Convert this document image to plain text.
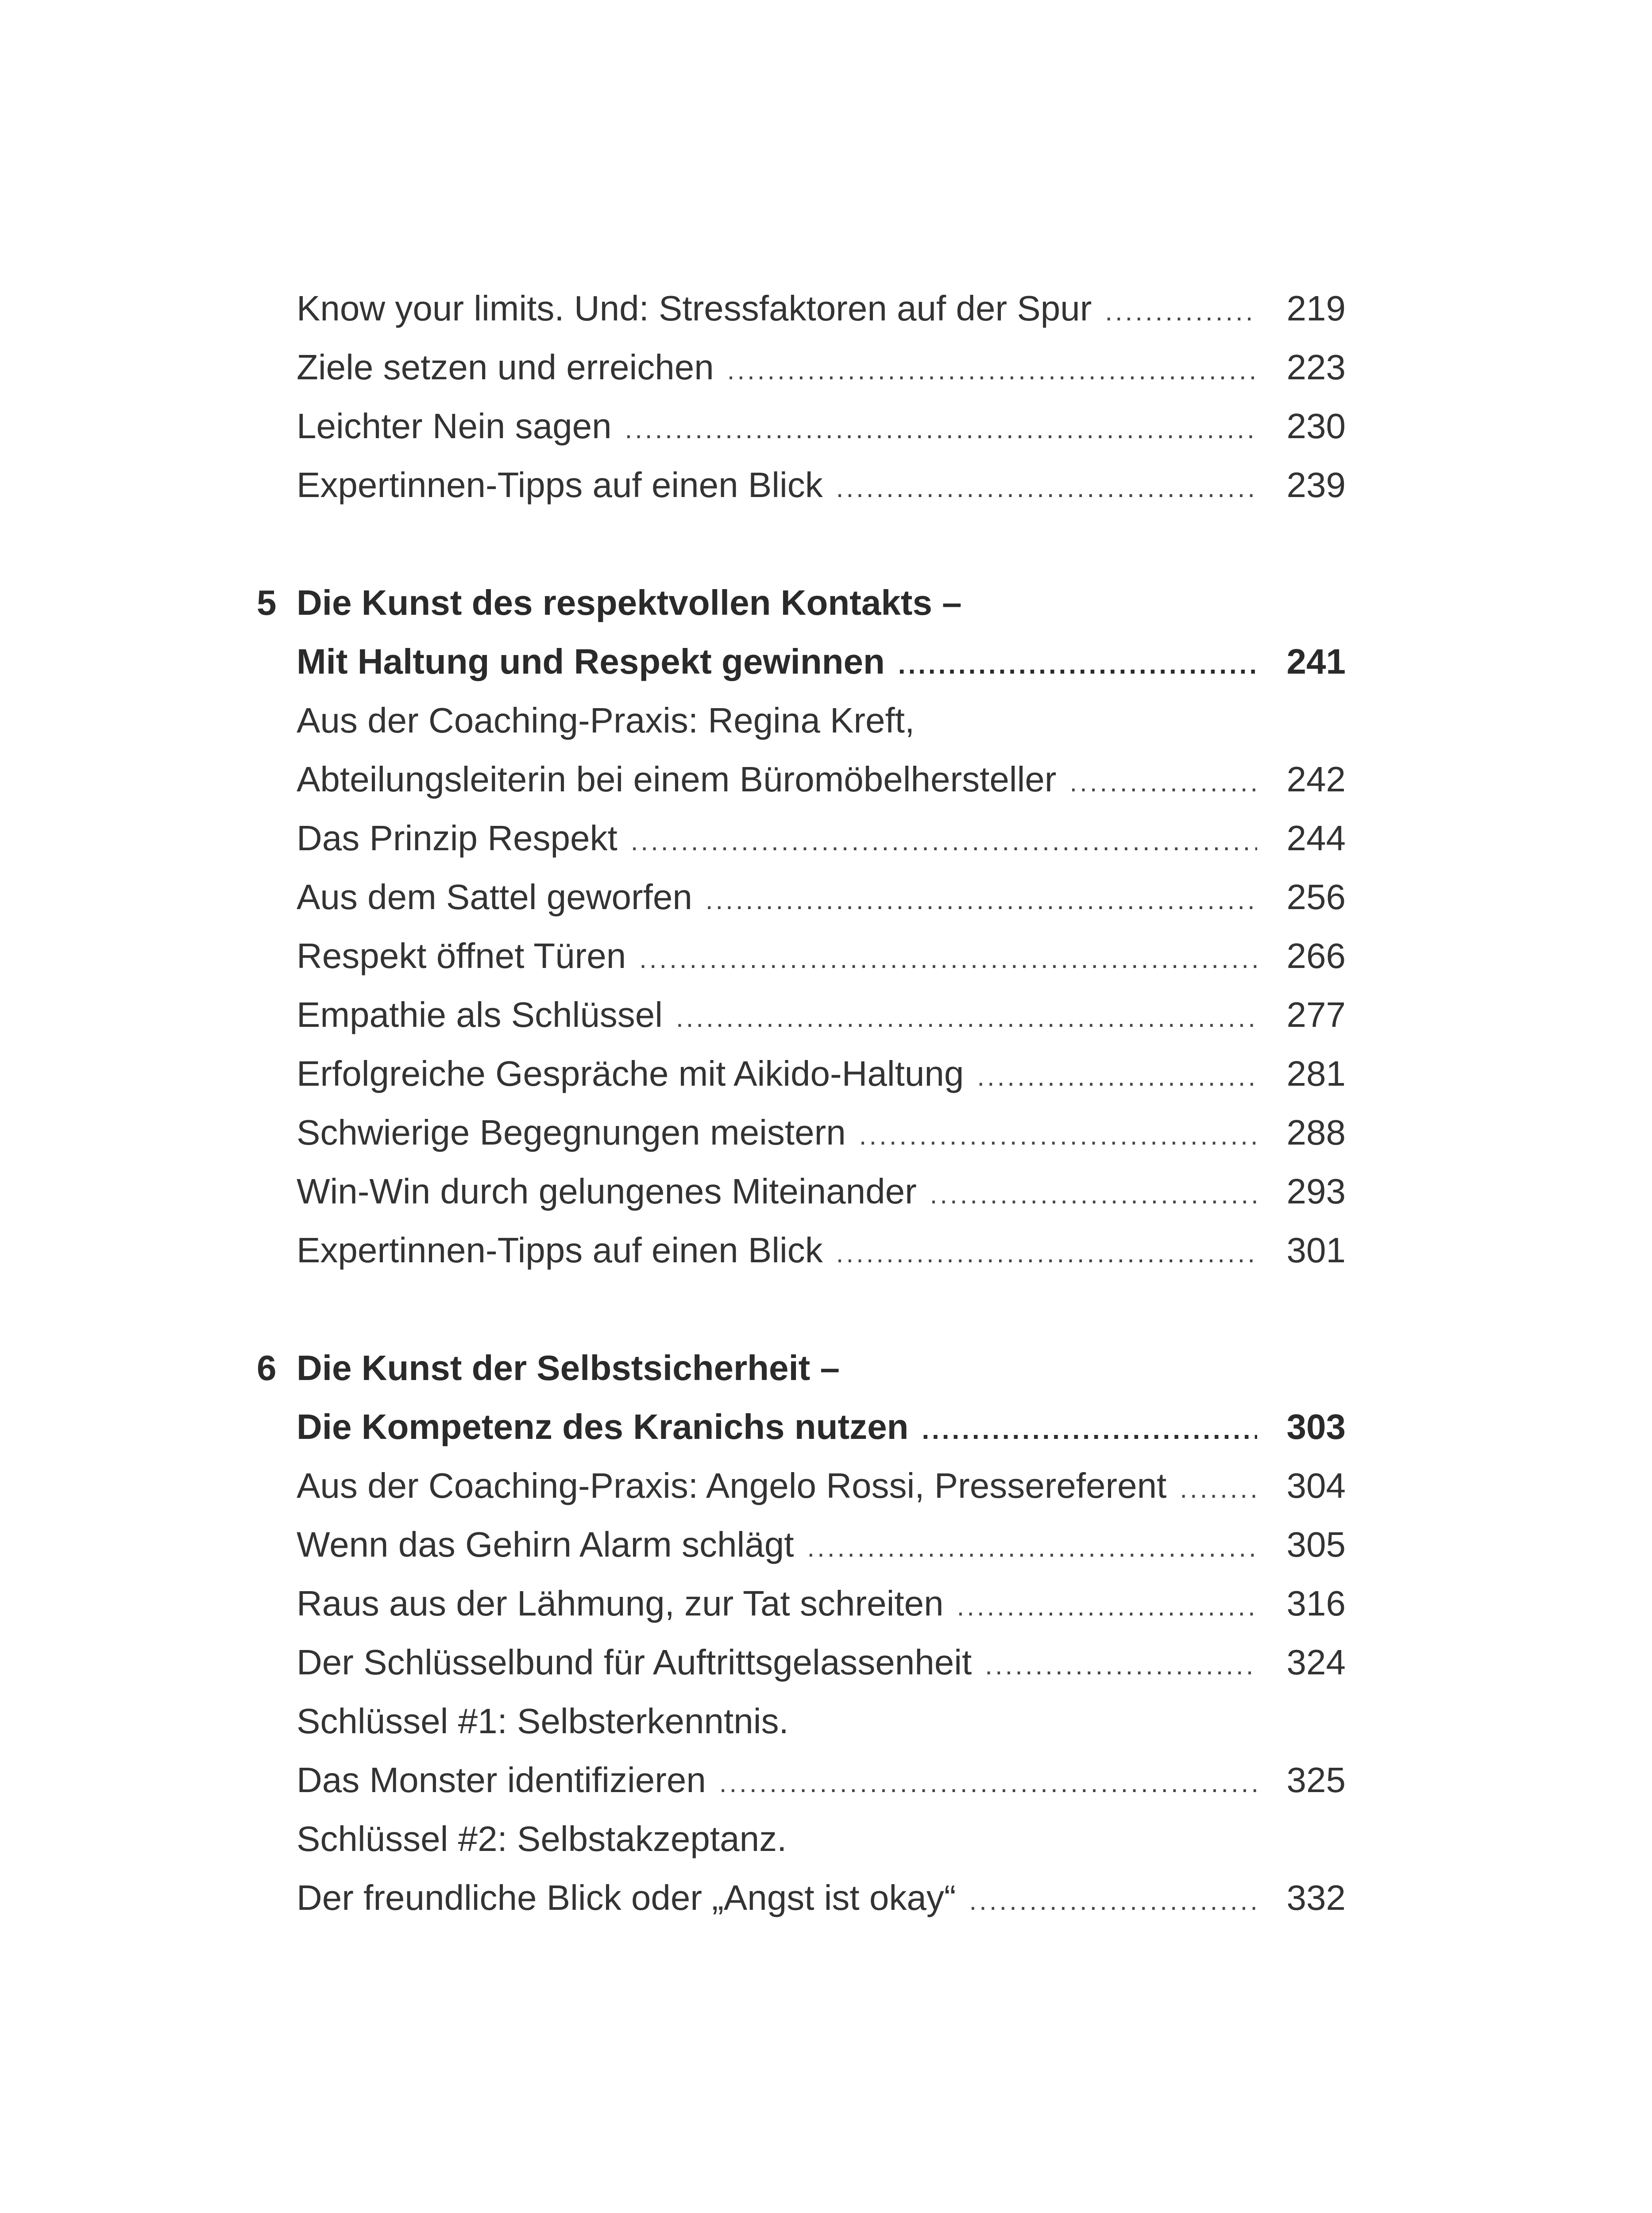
Know your limits. Und: Stressfaktoren auf der Spur .....	219
Ziele setzen und erreichen .....	223
Leichter Nein sagen .....	230
Expertinnen-Tipps auf einen Blick .....	239
5 Die Kunst des respektvollen Kontakts –
Mit Haltung und Respekt gewinnen .....	241
Aus der Coaching-Praxis: Regina Kreft,
Abteilungsleiterin bei einem Büromöbelhersteller .....	242
Das Prinzip Respekt .....	244
Aus dem Sattel geworfen .....	256
Respekt öffnet Türen .....	266
Empathie als Schlüssel .....	277
Erfolgreiche Gespräche mit Aikido-Haltung .....	281
Schwierige Begegnungen meistern .....	288
Win-Win durch gelungenes Miteinander .....	293
Expertinnen-Tipps auf einen Blick .....	301
6 Die Kunst der Selbstsicherheit –
Die Kompetenz des Kranichs nutzen .....	303
Aus der Coaching-Praxis: Angelo Rossi, Pressereferent .....	304
Wenn das Gehirn Alarm schlägt .....	305
Raus aus der Lähmung, zur Tat schreiten .....	316
Der Schlüsselbund für Auftrittsgelassenheit .....	324
Schlüssel #1: Selbsterkenntnis.
Das Monster identifizieren .....	325
Schlüssel #2: Selbstakzeptanz.
Der freundliche Blick oder „Angst ist okay“ .....	332
